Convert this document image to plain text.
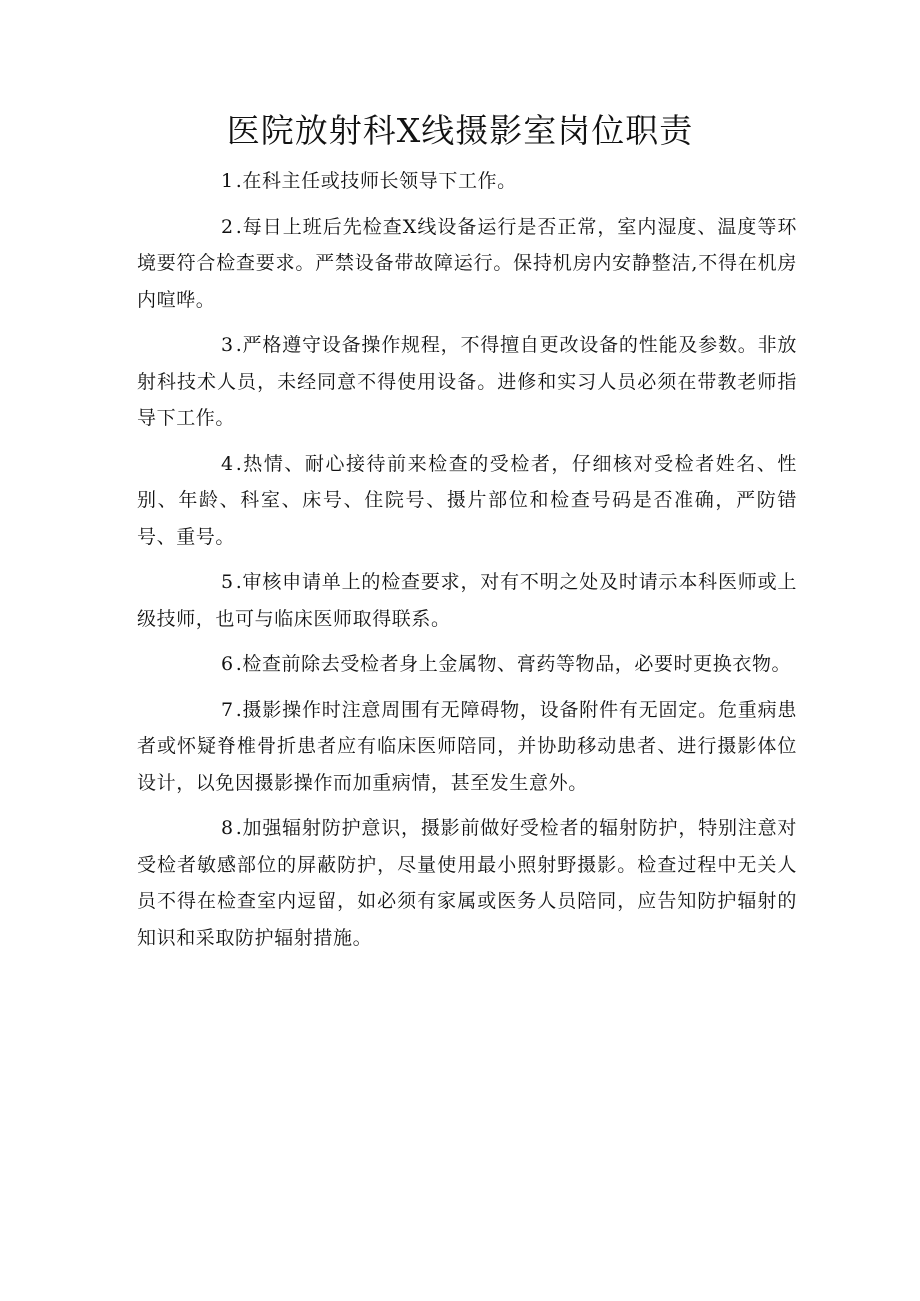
医院放射科X线摄影室岗位职责

1 .在科主任或技师长领导下工作。

2 .每日上班后先检查X线设备运行是否正常，室内湿度、温度等环境要符合检查要求。严禁设备带故障运行。保持机房内安静整洁,不得在机房内喧哗。

3 .严格遵守设备操作规程，不得擅自更改设备的性能及参数。非放射科技术人员，未经同意不得使用设备。进修和实习人员必须在带教老师指导下工作。

4 .热情、耐心接待前来检查的受检者，仔细核对受检者姓名、性别、年龄、科室、床号、住院号、摄片部位和检查号码是否准确，严防错号、重号。

5 .审核申请单上的检查要求，对有不明之处及时请示本科医师或上级技师，也可与临床医师取得联系。

6 .检查前除去受检者身上金属物、膏药等物品，必要时更换衣物。

7 .摄影操作时注意周围有无障碍物，设备附件有无固定。危重病患者或怀疑脊椎骨折患者应有临床医师陪同，并协助移动患者、进行摄影体位设计，以免因摄影操作而加重病情，甚至发生意外。

8 .加强辐射防护意识，摄影前做好受检者的辐射防护，特别注意对受检者敏感部位的屏蔽防护，尽量使用最小照射野摄影。检查过程中无关人员不得在检查室内逗留，如必须有家属或医务人员陪同，应告知防护辐射的知识和采取防护辐射措施。
